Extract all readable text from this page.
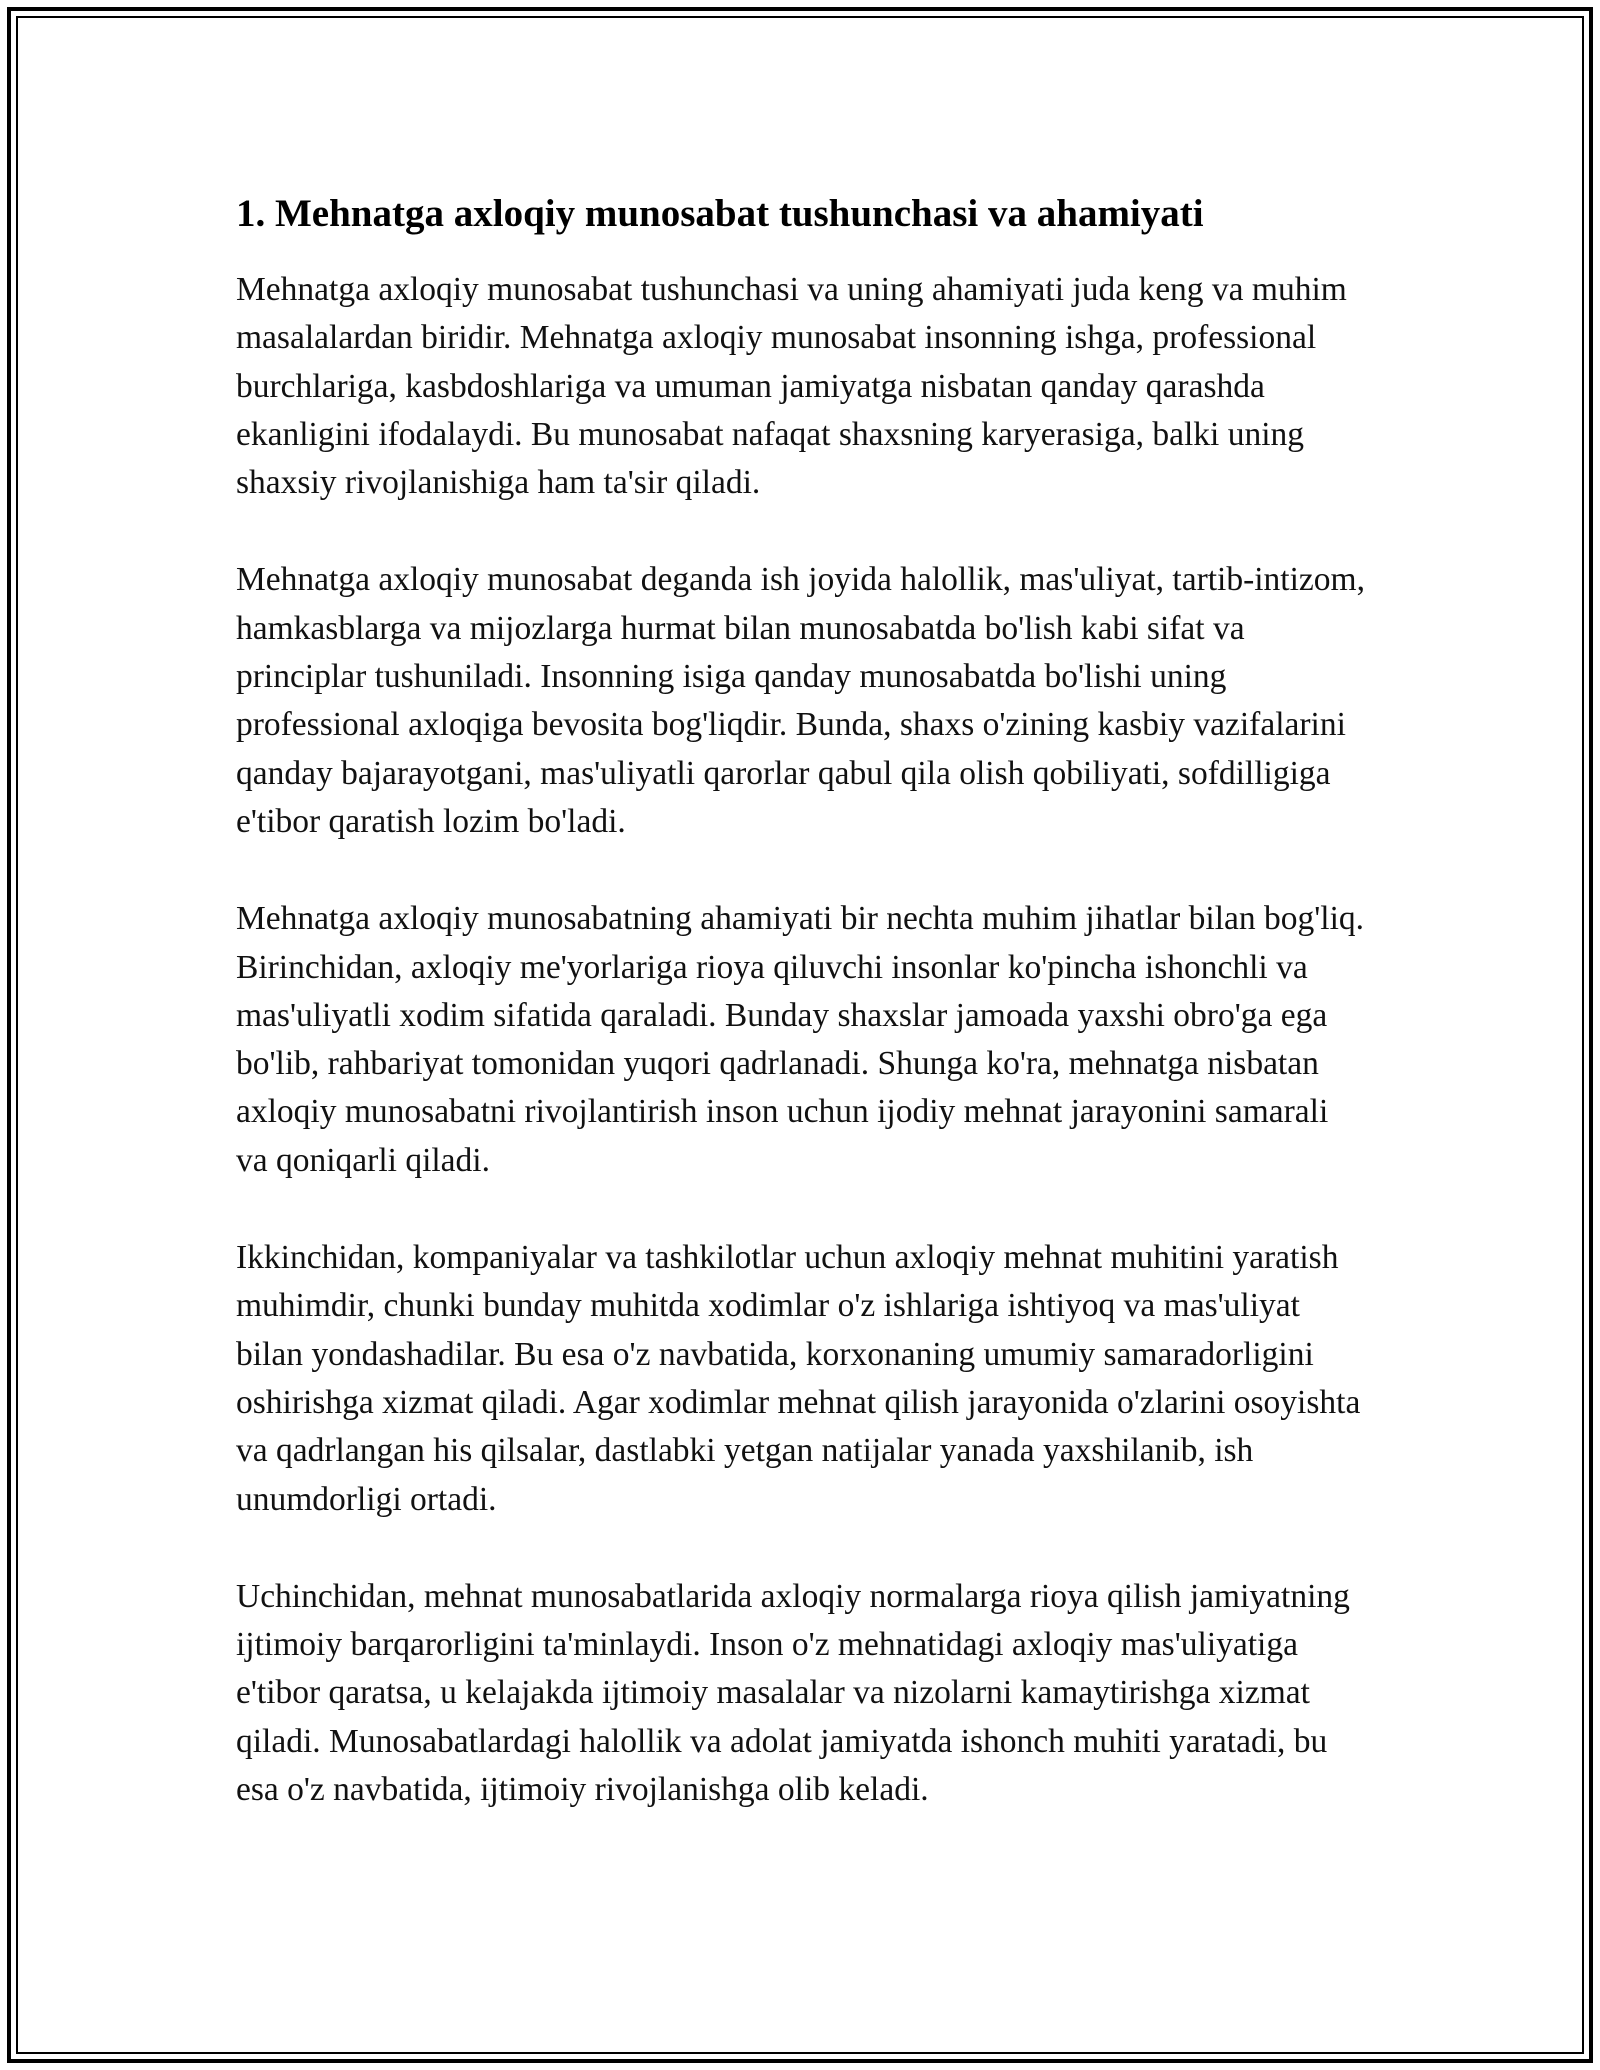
1. Mehnatga axloqiy munosabat tushunchasi va ahamiyati

Mehnatga axloqiy munosabat tushunchasi va uning ahamiyati juda keng va muhim masalalardan biridir. Mehnatga axloqiy munosabat insonning ishga, professional burchlariga, kasbdoshlariga va umuman jamiyatga nisbatan qanday qarashda ekanligini ifodalaydi. Bu munosabat nafaqat shaxsning karyerasiga, balki uning shaxsiy rivojlanishiga ham ta'sir qiladi.

Mehnatga axloqiy munosabat deganda ish joyida halollik, mas'uliyat, tartib-intizom, hamkasblarga va mijozlarga hurmat bilan munosabatda bo'lish kabi sifat va principlar tushuniladi. Insonning isiga qanday munosabatda bo'lishi uning professional axloqiga bevosita bog'liqdir. Bunda, shaxs o'zining kasbiy vazifalarini qanday bajarayotgani, mas'uliyatli qarorlar qabul qila olish qobiliyati, sofdilligiga e'tibor qaratish lozim bo'ladi.

Mehnatga axloqiy munosabatning ahamiyati bir nechta muhim jihatlar bilan bog'liq. Birinchidan, axloqiy me'yorlariga rioya qiluvchi insonlar ko'pincha ishonchli va mas'uliyatli xodim sifatida qaraladi. Bunday shaxslar jamoada yaxshi obro'ga ega bo'lib, rahbariyat tomonidan yuqori qadrlanadi. Shunga ko'ra, mehnatga nisbatan axloqiy munosabatni rivojlantirish inson uchun ijodiy mehnat jarayonini samarali va qoniqarli qiladi.

Ikkinchidan, kompaniyalar va tashkilotlar uchun axloqiy mehnat muhitini yaratish muhimdir, chunki bunday muhitda xodimlar o'z ishlariga ishtiyoq va mas'uliyat bilan yondashadilar. Bu esa o'z navbatida, korxonaning umumiy samaradorligini oshirishga xizmat qiladi. Agar xodimlar mehnat qilish jarayonida o'zlarini osoyishta va qadrlangan his qilsalar, dastlabki yetgan natijalar yanada yaxshilanib, ish unumdorligi ortadi.

Uchinchidan, mehnat munosabatlarida axloqiy normalarga rioya qilish jamiyatning ijtimoiy barqarorligini ta'minlaydi. Inson o'z mehnatidagi axloqiy mas'uliyatiga e'tibor qaratsa, u kelajakda ijtimoiy masalalar va nizolarni kamaytirishga xizmat qiladi. Munosabatlardagi halollik va adolat jamiyatda ishonch muhiti yaratadi, bu esa o'z navbatida, ijtimoiy rivojlanishga olib keladi.
